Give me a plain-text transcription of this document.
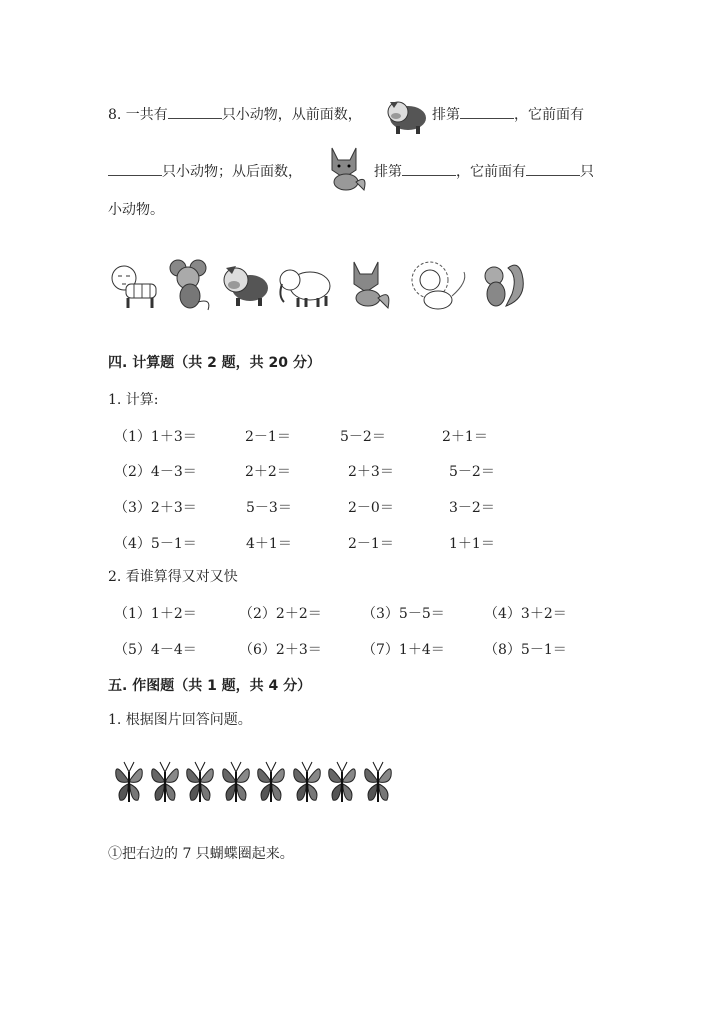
8. 一共有	只小动物，从前面数，	排第	，它前面有
只小动物；从后面数，	排第	，它前面有	只
小动物。
四. 计算题（共 2 题，共 20 分）
1. 计算:
（1）1＋3＝	2－1＝	5－2＝	2＋1＝
（2）4－3＝	2＋2＝	2＋3＝	5－2＝
（3）2＋3＝	5－3＝	2－0＝	3－2＝
（4）5－1＝	4＋1＝	2－1＝	1＋1＝
2. 看谁算得又对又快
（1）1＋2＝	（2）2＋2＝	（3）5－5＝	（4）3＋2＝
（5）4－4＝	（6）2＋3＝	（7）1＋4＝	（8）5－1＝
五. 作图题（共 1 题，共 4 分）
1. 根据图片回答问题。
①把右边的 7 只蝴蝶圈起来。
